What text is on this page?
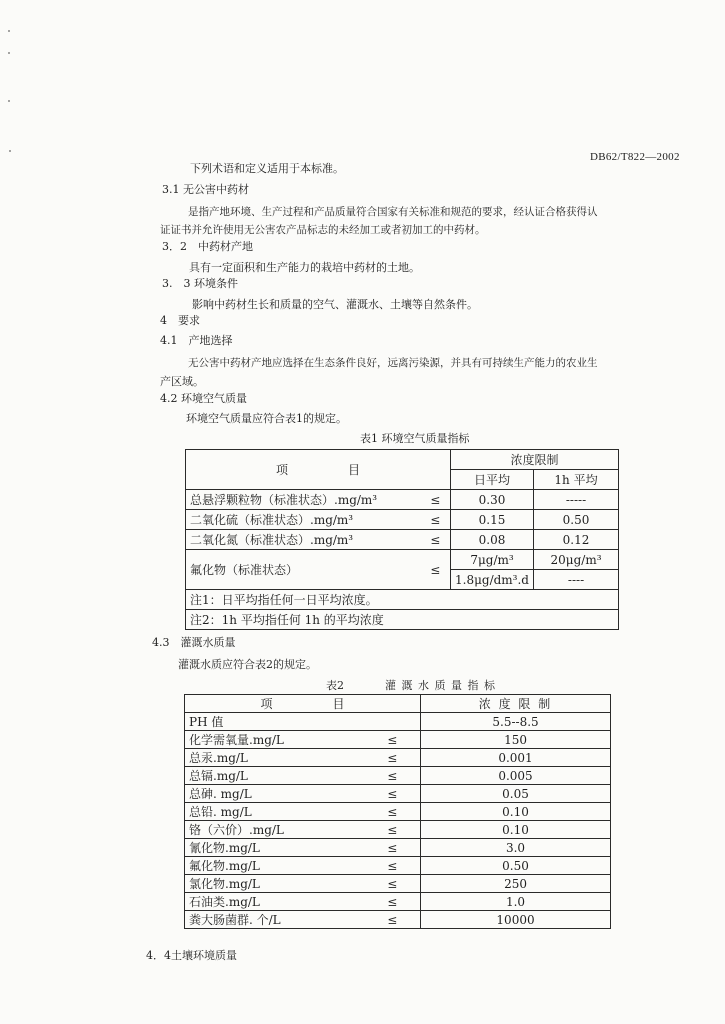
DB62/T822—2002
下列术语和定义适用于本标准。
3.1 无公害中药材
是指产地环境、生产过程和产品质量符合国家有关标准和规范的要求，经认证合格获得认
证证书并允许使用无公害农产品标志的未经加工或者初加工的中药材。
3．2　中药材产地
具有一定面积和生产能力的栽培中药材的土地。
3.　3 环境条件
影响中药材生长和质量的空气、灌溉水、土壤等自然条件。
4　要求
4.1　产地选择
无公害中药材产地应选择在生态条件良好，远离污染源，并具有可持续生产能力的农业生
产区域。
4.2 环境空气质量
环境空气质量应符合表1的规定。
表1 环境空气质量指标
项　　　　　目		浓度限制	
		日平均	1h 平均
总悬浮颗粒物（标准状态）.mg/m³	≤	0.30	-----
二氧化硫（标准状态）.mg/m³	≤	0.15	0.50
二氧化氮（标准状态）.mg/m³	≤	0.08	0.12
氟化物（标准状态）	≤	7μg/m³	20μg/m³
		1.8μg/dm³.d	----
注1：日平均指任何一日平均浓度。			
注2：1h 平均指任何 1h 的平均浓度			
4.3　灌溉水质量
灌溉水质应符合表2的规定。
表2	灌 溉 水 质 量 指 标
项　　　　　目		浓 度 限 制
PH 值		5.5--8.5
化学需氧量.mg/L	≤	150
总汞.mg/L	≤	0.001
总镉.mg/L	≤	0.005
总砷. mg/L	≤	0.05
总铅. mg/L	≤	0.10
铬（六价）.mg/L	≤	0.10
氰化物.mg/L	≤	3.0
氟化物.mg/L	≤	0.50
氯化物.mg/L	≤	250
石油类.mg/L	≤	1.0
粪大肠菌群. 个/L	≤	10000
4．4土壤环境质量
